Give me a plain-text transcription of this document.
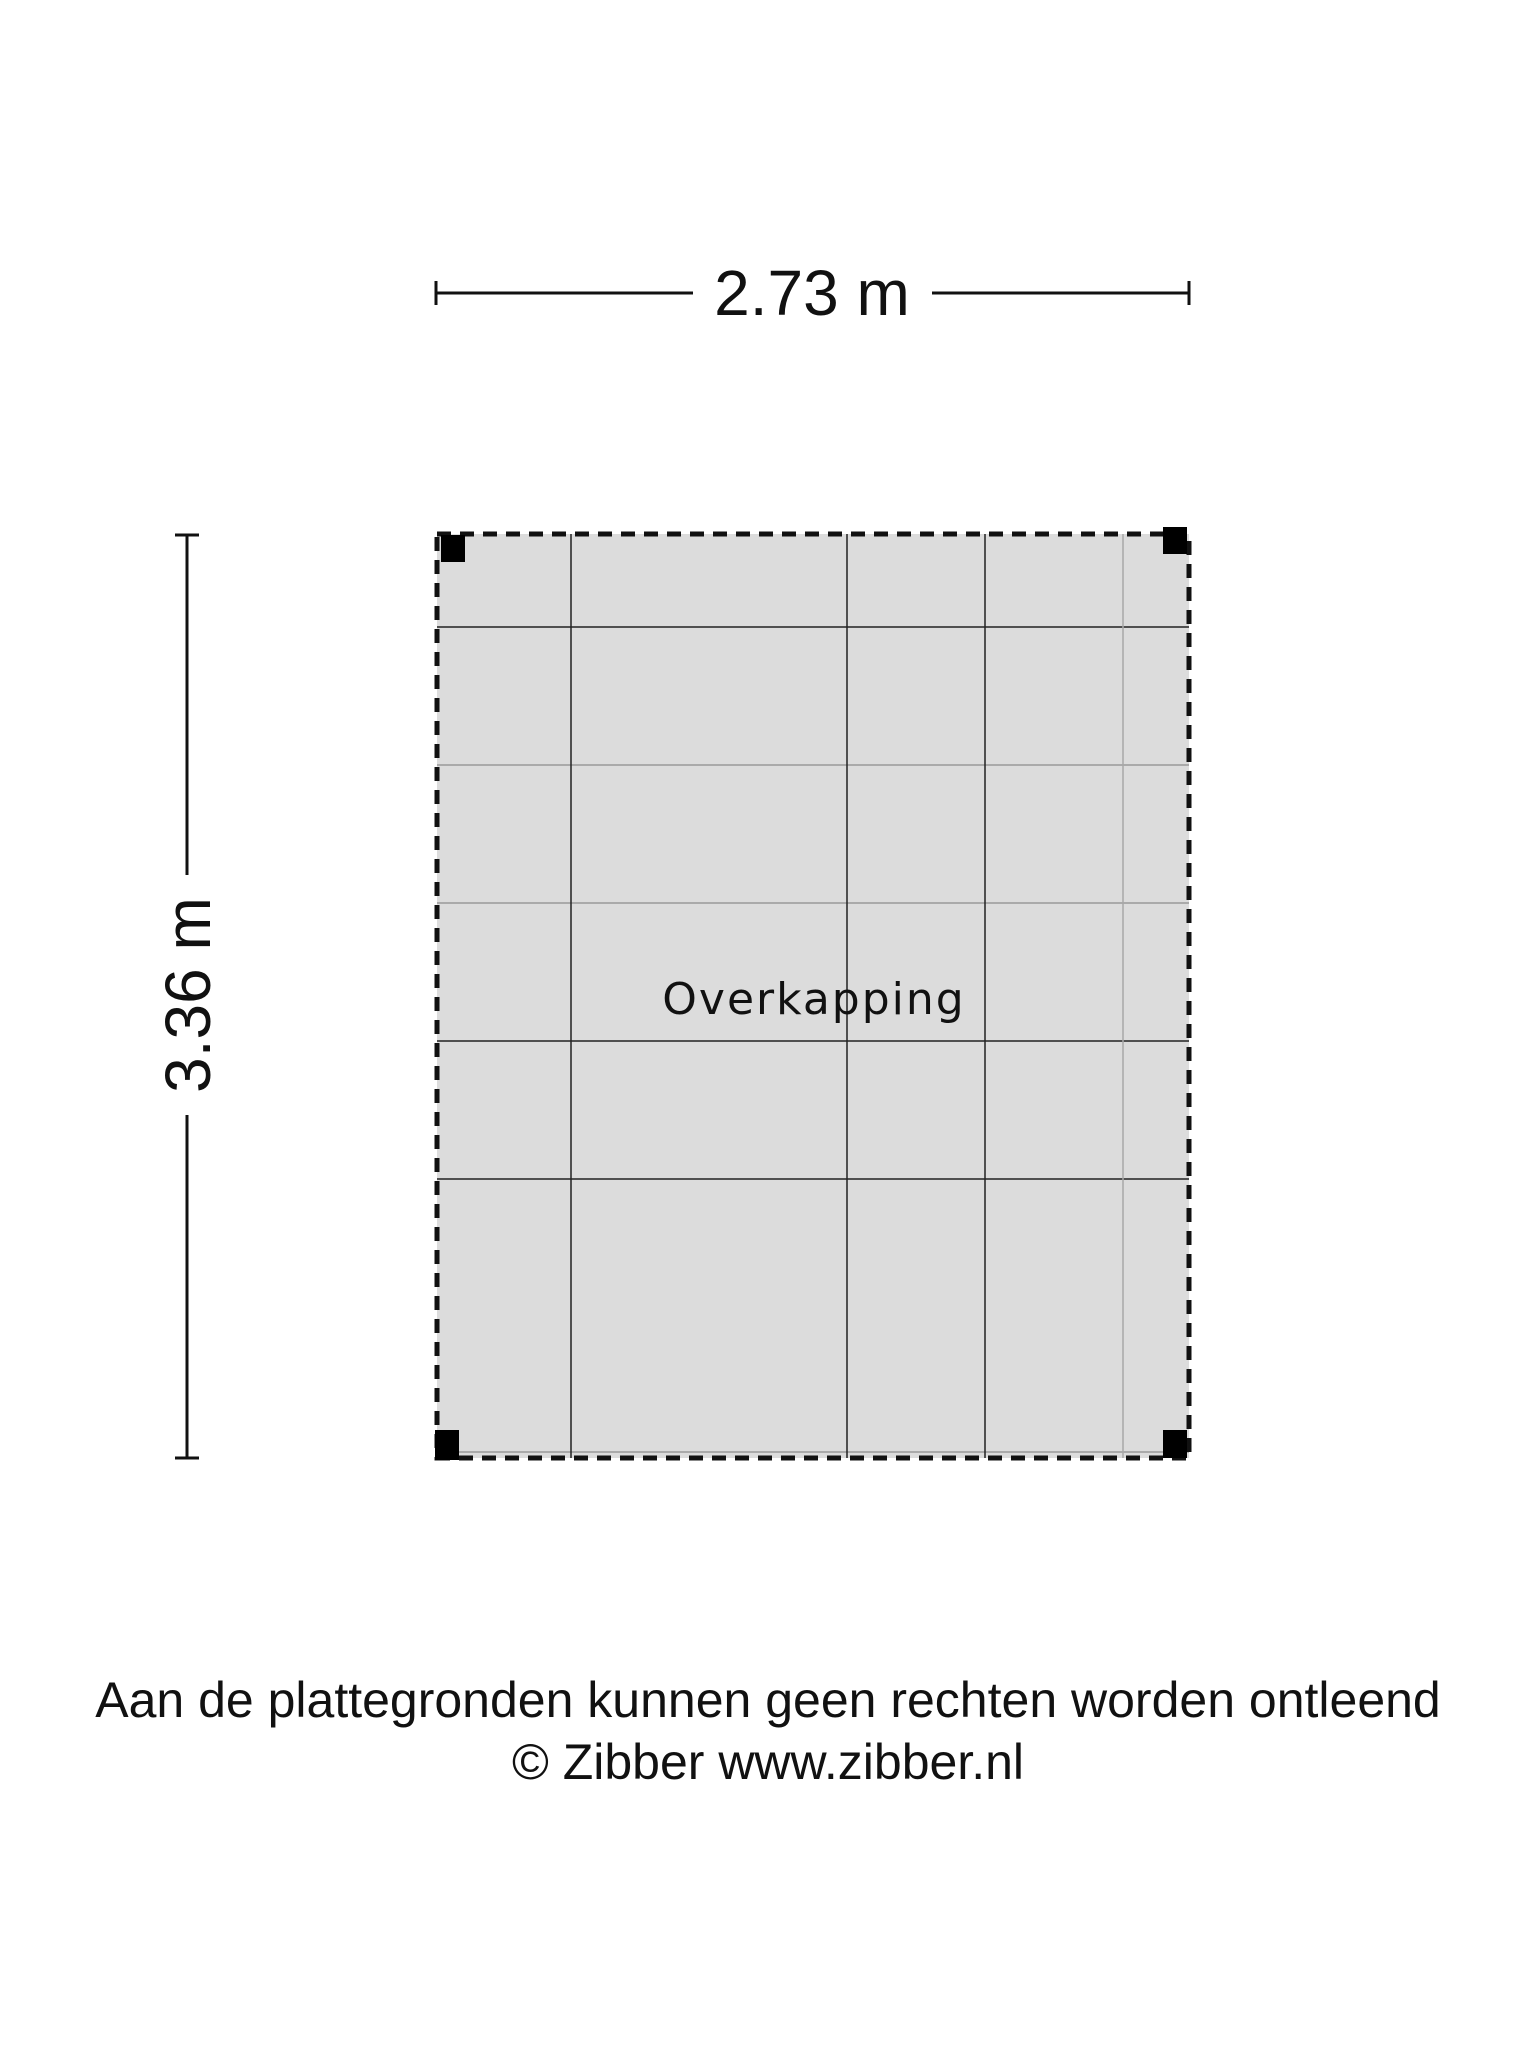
2.73 m
3.36 m	Overkapping
Aan de plattegronden kunnen geen rechten worden ontleend
© Zibber www.zibber.nl
